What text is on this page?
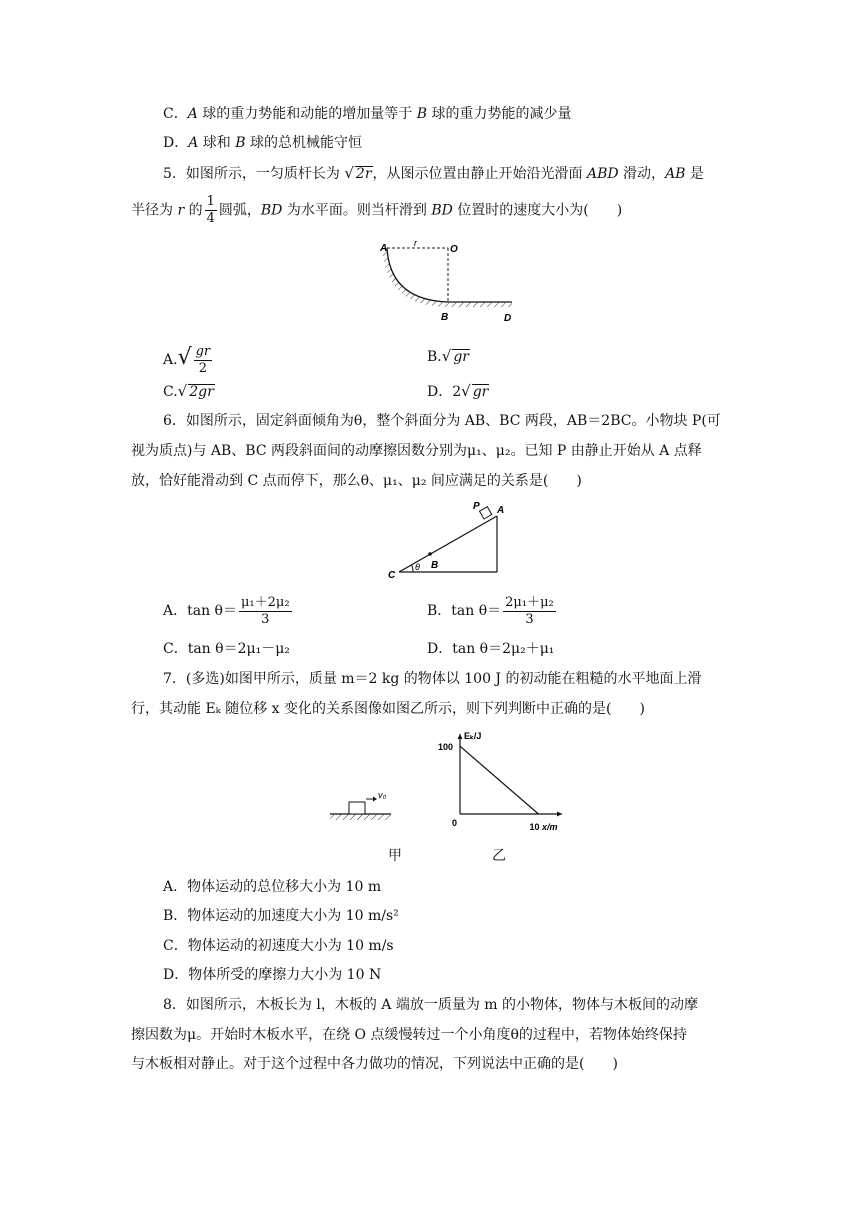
C．A 球的重力势能和动能的增加量等于 B 球的重力势能的减少量
D．A 球和 B 球的总机械能守恒
5．如图所示，一匀质杆长为 √ 2r，从图示位置由静止开始沿光滑面 ABD 滑动，AB 是
半径为 r 的 $\frac{1}{4}$ 圆弧，BD 为水平面。则当杆滑到 BD 位置时的速度大小为(　　)
A	r
O
B	D
$A.√ \frac{gr}{2}$	B.√ gr
C.√ 2gr	D．2√ gr
6．如图所示，固定斜面倾角为θ，整个斜面分为 AB、BC 两段，AB＝2BC。小物块 P(可
视为质点)与 AB、BC 两段斜面间的动摩擦因数分别为μ₁、μ₂。已知 P 由静止开始从 A 点释
放，恰好能滑动到 C 点而停下，那么θ、μ₁、μ₂ 间应满足的关系是(　　)
P A
C
θ B
A．$\tan \theta= \frac{\text{μ₁＋2μ₂}}{3}$	B．$\tan \theta= \frac{\text{2μ₁＋μ₂}}{3}$
C．tan θ＝2μ₁－μ₂	D．tan θ＝2μ₂＋μ₁
7．(多选)如图甲所示，质量 m＝2 kg 的物体以 100 J 的初动能在粗糙的水平地面上滑
行，其动能 Eₖ 随位移 x 变化的关系图像如图乙所示，则下列判断中正确的是(　　)
v₀
甲
Eₖ/J
x/m
0
100
10
乙
A．物体运动的总位移大小为 10 m
B．物体运动的加速度大小为 10 m/s²
C．物体运动的初速度大小为 10 m/s
D．物体所受的摩擦力大小为 10 N
8．如图所示，木板长为 l，木板的 A 端放一质量为 m 的小物体，物体与木板间的动摩
擦因数为μ。开始时木板水平，在绕 O 点缓慢转过一个小角度θ的过程中，若物体始终保持
与木板相对静止。对于这个过程中各力做功的情况，下列说法中正确的是(　　)
